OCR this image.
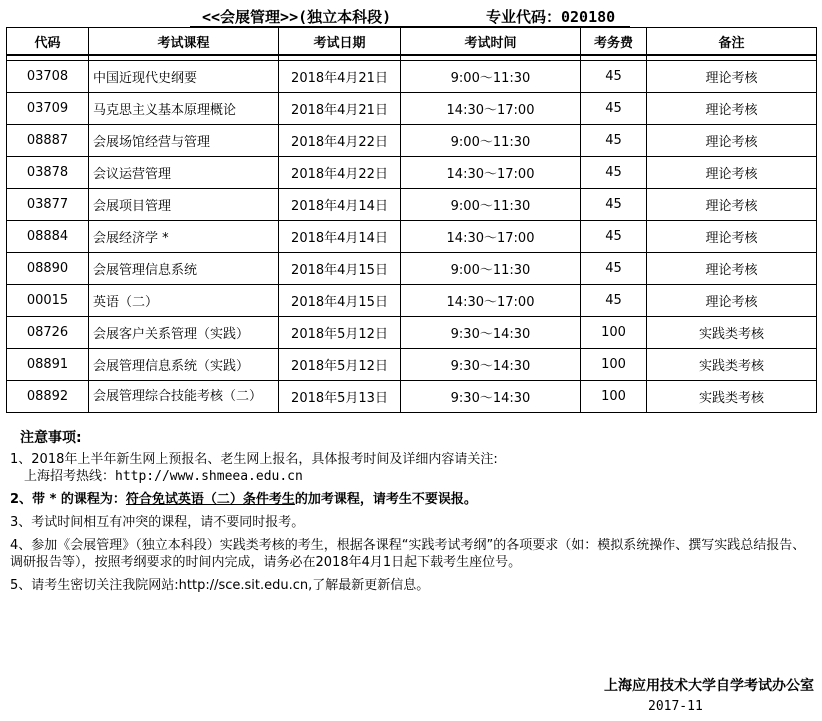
<<会展管理>>(独立本科段)	专业代码：020180
代码	考试课程	考试日期	考试时间	考务费	备注

03708	中国近现代史纲要	2018年4月21日	9:00～11:30	45	理论考核
03709	马克思主义基本原理概论	2018年4月21日	14:30～17:00	45	理论考核
08887	会展场馆经营与管理	2018年4月22日	9:00～11:30	45	理论考核
03878	会议运营管理	2018年4月22日	14:30～17:00	45	理论考核
03877	会展项目管理	2018年4月14日	9:00～11:30	45	理论考核
08884	会展经济学 *	2018年4月14日	14:30～17:00	45	理论考核
08890	会展管理信息系统	2018年4月15日	9:00～11:30	45	理论考核
00015	英语（二）	2018年4月15日	14:30～17:00	45	理论考核
08726	会展客户关系管理（实践）	2018年5月12日	9:30～14:30	100	实践类考核
08891	会展管理信息系统（实践）	2018年5月12日	9:30～14:30	100	实践类考核
08892	会展管理综合技能考核（二）	2018年5月13日	9:30～14:30	100	实践类考核
注意事项:
1、2018年上半年新生网上预报名、老生网上报名，具体报考时间及详细内容请关注:
上海招考热线：http://www.shmeea.edu.cn
2、带 * 的课程为：符合免试英语（二）条件考生的加考课程，请考生不要误报。
3、考试时间相互有冲突的课程，请不要同时报考。
4、参加《会展管理》（独立本科段）实践类考核的考生，根据各课程“实践考试考纲”的各项要求（如：模拟系统操作、撰写实践总结报告、调研报告等），按照考纲要求的时间内完成，请务必在2018年4月1日起下载考生座位号。
5、请考生密切关注我院网站:http://sce.sit.edu.cn,了解最新更新信息。
上海应用技术大学自学考试办公室
2017-11
